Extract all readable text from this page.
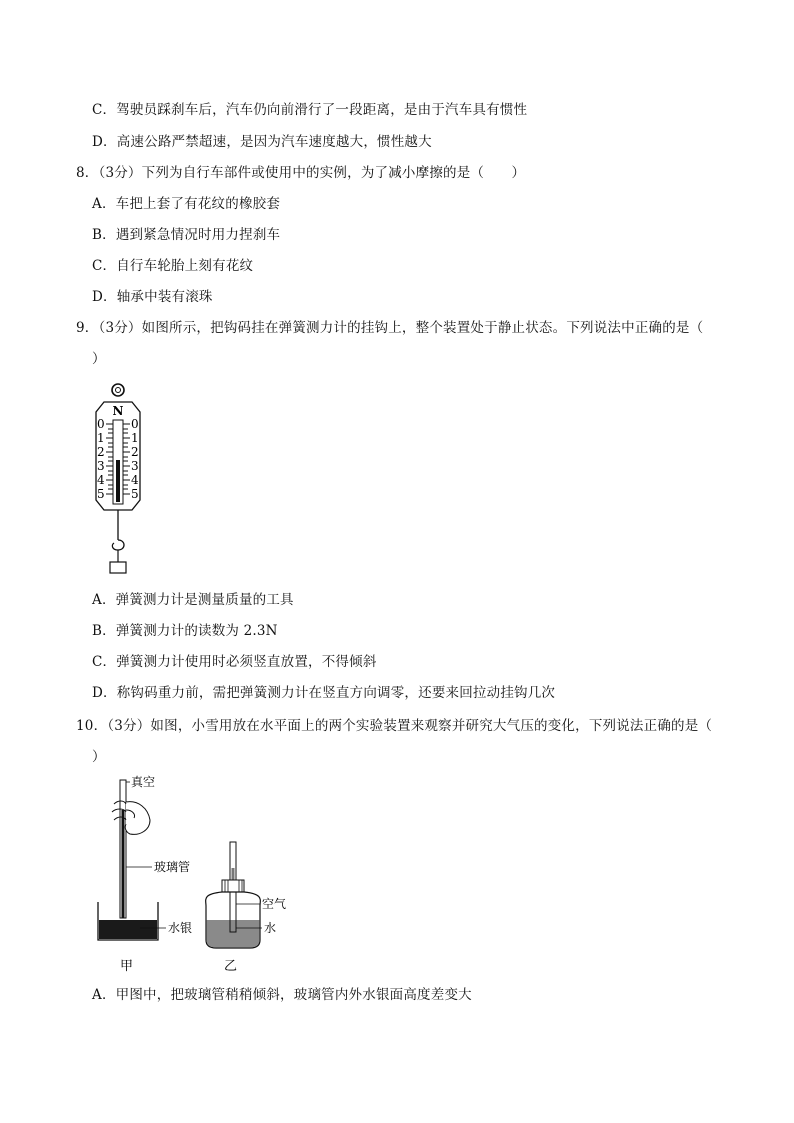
C．驾驶员踩刹车后，汽车仍向前滑行了一段距离，是由于汽车具有惯性
D．高速公路严禁超速，是因为汽车速度越大，惯性越大
8．（3分）下列为自行车部件或使用中的实例，为了减小摩擦的是（　　）
A．车把上套了有花纹的橡胶套
B．遇到紧急情况时用力捏刹车
C．自行车轮胎上刻有花纹
D．轴承中装有滚珠
9．（3分）如图所示，把钩码挂在弹簧测力计的挂钩上，整个装置处于静止状态。下列说法中正确的是（
）
N
0
1
2
3
4
5
0
1
2
3
4
5
A．弹簧测力计是测量质量的工具
B．弹簧测力计的读数为 2.3N
C．弹簧测力计使用时必须竖直放置，不得倾斜
D．称钩码重力前，需把弹簧测力计在竖直方向调零，还要来回拉动挂钩几次
10．（3分）如图，小雪用放在水平面上的两个实验装置来观察并研究大气压的变化，下列说法正确的是（
）
真空
玻璃管
水银
甲
空气
水
乙
A．甲图中，把玻璃管稍稍倾斜，玻璃管内外水银面高度差变大
